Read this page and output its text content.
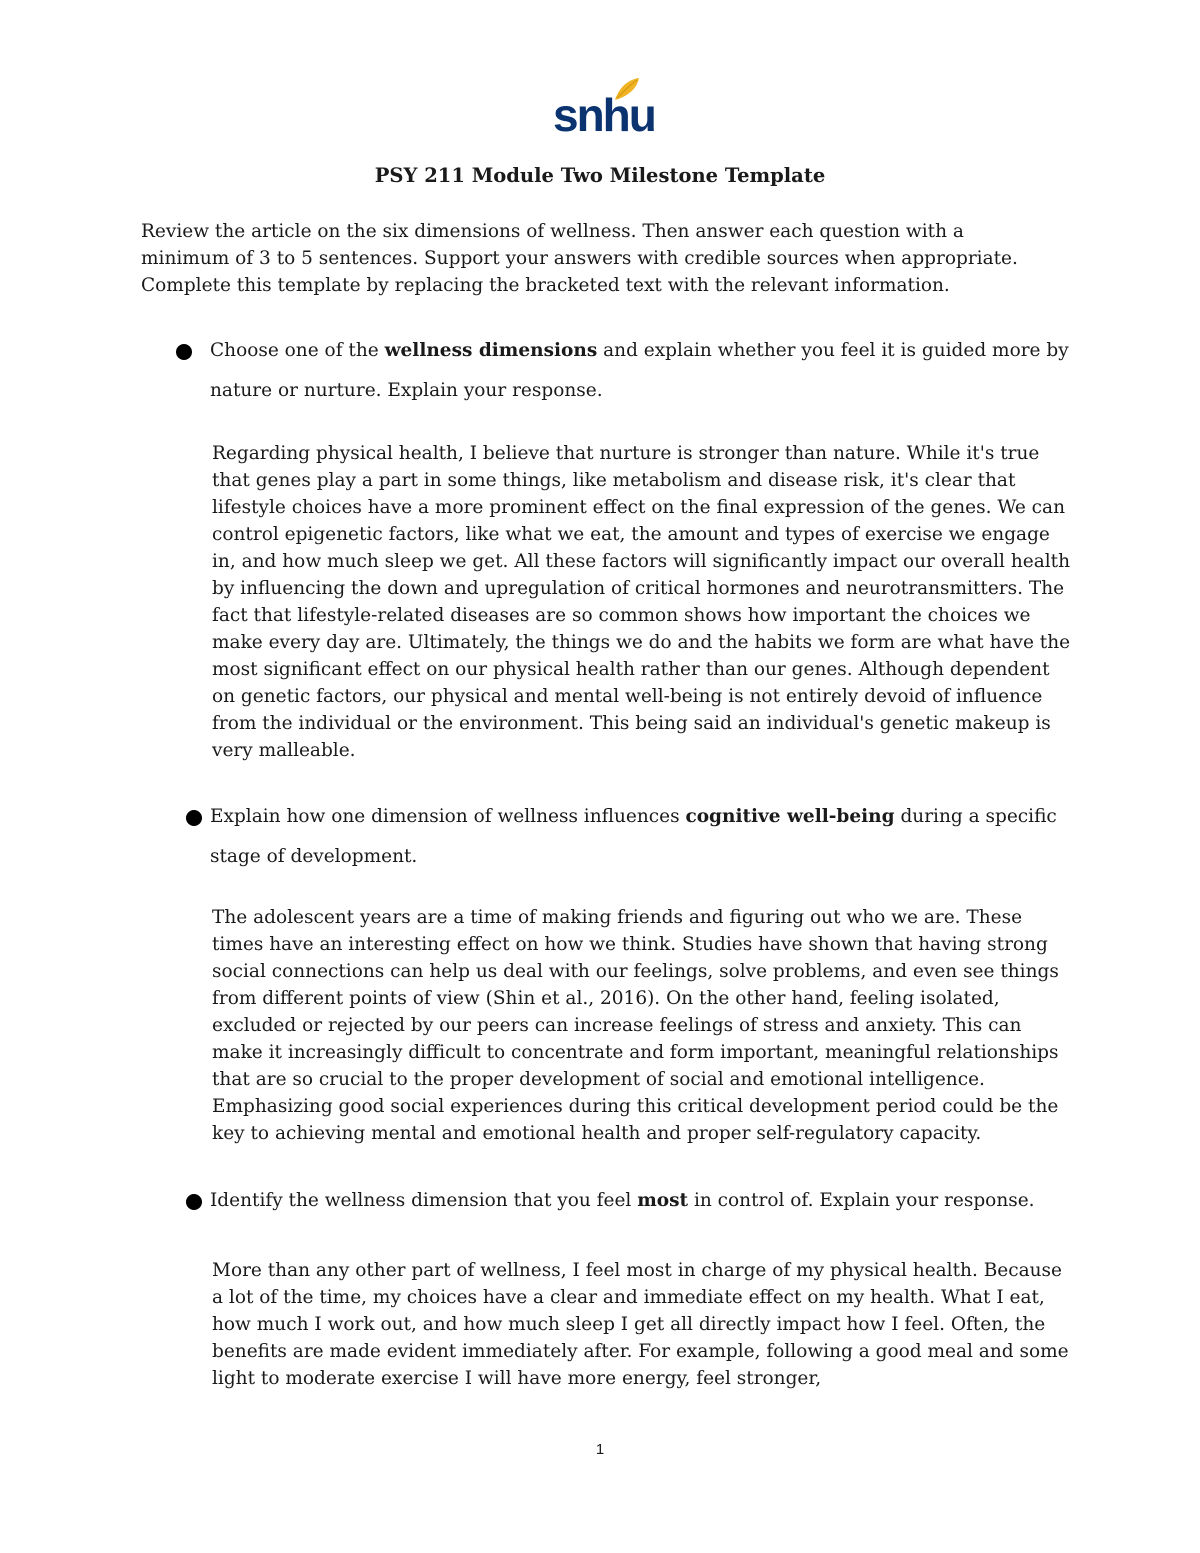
snhu
PSY 211 Module Two Milestone Template

Review the article on the six dimensions of wellness. Then answer each question with a minimum of 3 to 5 sentences. Support your answers with credible sources when appropriate. Complete this template by replacing the bracketed text with the relevant information.

Choose one of the wellness dimensions and explain whether you feel it is guided more by nature or nurture. Explain your response.

Regarding physical health, I believe that nurture is stronger than nature. While it's true that genes play a part in some things, like metabolism and disease risk, it's clear that lifestyle choices have a more prominent effect on the final expression of the genes. We can control epigenetic factors, like what we eat, the amount and types of exercise we engage in, and how much sleep we get. All these factors will significantly impact our overall health by influencing the down and upregulation of critical hormones and neurotransmitters. The fact that lifestyle-related diseases are so common shows how important the choices we make every day are. Ultimately, the things we do and the habits we form are what have the most significant effect on our physical health rather than our genes. Although dependent on genetic factors, our physical and mental well-being is not entirely devoid of influence from the individual or the environment. This being said an individual's genetic makeup is very malleable.

Explain how one dimension of wellness influences cognitive well-being during a specific stage of development.

The adolescent years are a time of making friends and figuring out who we are. These times have an interesting effect on how we think. Studies have shown that having strong social connections can help us deal with our feelings, solve problems, and even see things from different points of view (Shin et al., 2016). On the other hand, feeling isolated, excluded or rejected by our peers can increase feelings of stress and anxiety. This can make it increasingly difficult to concentrate and form important, meaningful relationships that are so crucial to the proper development of social and emotional intelligence. Emphasizing good social experiences during this critical development period could be the key to achieving mental and emotional health and proper self-regulatory capacity.

Identify the wellness dimension that you feel most in control of. Explain your response.

More than any other part of wellness, I feel most in charge of my physical health. Because a lot of the time, my choices have a clear and immediate effect on my health. What I eat, how much I work out, and how much sleep I get all directly impact how I feel. Often, the benefits are made evident immediately after. For example, following a good meal and some light to moderate exercise I will have more energy, feel stronger,

1
